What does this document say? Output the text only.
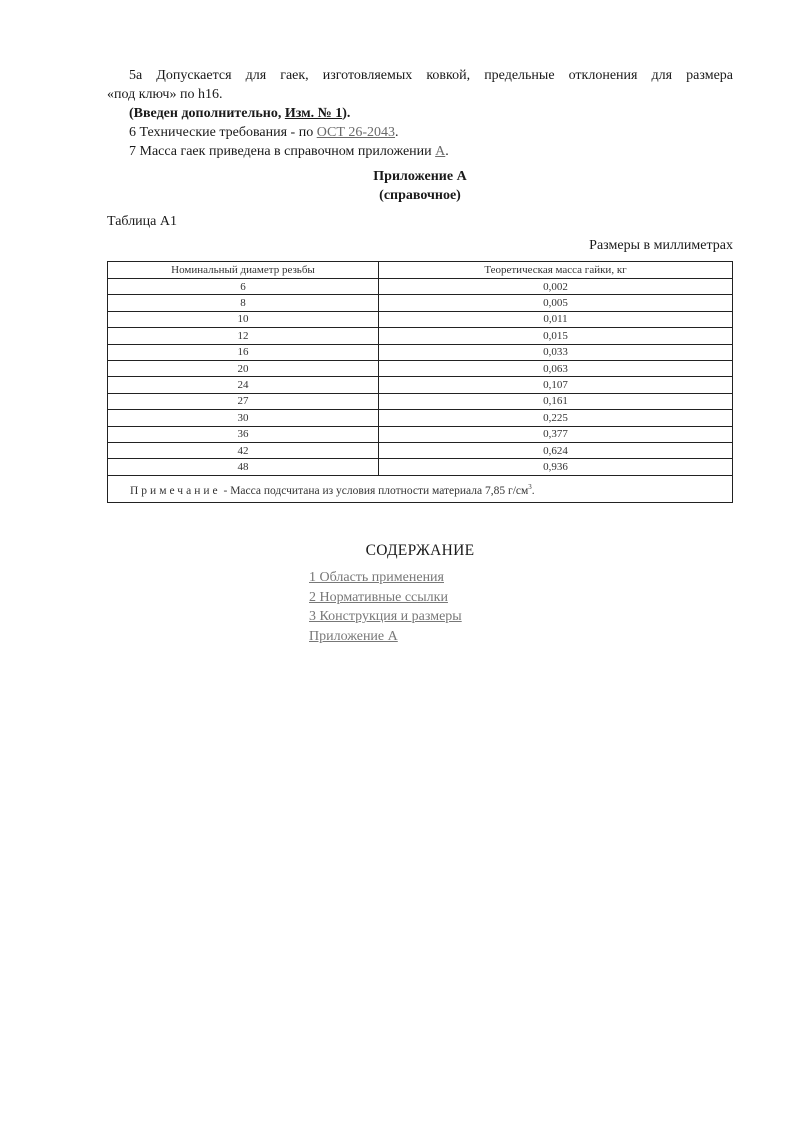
5а Допускается для гаек, изготовляемых ковкой, предельные отклонения для размера
«под ключ» по h16.
(Введен дополнительно, Изм. № 1).
6 Технические требования - по ОСТ 26-2043.
7 Масса гаек приведена в справочном приложении А.
Приложение А
(справочное)
Таблица А1
Размеры в миллиметрах
Номинальный диаметр резьбы	Теоретическая масса гайки, кг
6	0,002
8	0,005
10	0,011
12	0,015
16	0,033
20	0,063
24	0,107
27	0,161
30	0,225
36	0,377
42	0,624
48	0,936
Примечание - Масса подсчитана из условия плотности материала 7,85 $г/см^3$.	
СОДЕРЖАНИЕ
1 Область применения
2 Нормативные ссылки
3 Конструкция и размеры
Приложение А
